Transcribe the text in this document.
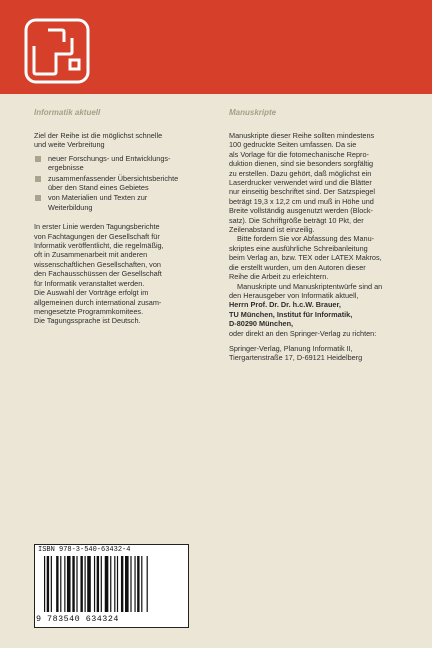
Informatik aktuell

Ziel der Reihe ist die möglichst schnelle

und weite Verbreitung

neuer Forschungs- und Entwicklungs-
ergebnisse
zusammenfassender Übersichtsberichte
über den Stand eines Gebietes
von Materialien und Texten zur
Weiterbildung

In erster Linie werden Tagungsberichte

von Fachtagungen der Gesellschaft für

Informatik veröffentlicht, die regelmäßig,

oft in Zusammenarbeit mit anderen

wissenschaftlichen Gesellschaften, von

den Fachausschüssen der Gesellschaft

für Informatik veranstaltet werden.

Die Auswahl der Vorträge erfolgt im

allgemeinen durch international zusam-

mengesetzte Programmkomitees.

Die Tagungssprache ist Deutsch.

Manuskripte

Manuskripte dieser Reihe sollten mindestens

100 gedruckte Seiten umfassen. Da sie

als Vorlage für die fotomechanische Repro-

duktion dienen, sind sie besonders sorgfältig

zu erstellen. Dazu gehört, daß möglichst ein

Laserdrucker verwendet wird und die Blätter

nur einseitig beschriftet sind. Der Satzspiegel

beträgt 19,3 x 12,2 cm und muß in Höhe und

Breite vollständig ausgenutzt werden (Block-

satz). Die Schriftgröße beträgt 10 Pkt, der

Zeilenabstand ist einzeilig.

Bitte fordern Sie vor Abfassung des Manu-

skriptes eine ausführliche Schreibanleitung

beim Verlag an, bzw. TEX oder LATEX Makros,

die erstellt wurden, um den Autoren dieser

Reihe die Arbeit zu erleichtern.

Manuskripte und Manuskriptentwürfe sind an

den Herausgeber von Informatik aktuell,

Herrn Prof. Dr. Dr. h.c.W. Brauer,

TU München, Institut für Informatik,

D-80290 München,

oder direkt an den Springer-Verlag zu richten:

Springer-Verlag, Planung Informatik II,

Tiergartenstraße 17, D-69121 Heidelberg

ISBN 978-3-540-63432-4
9 783540 634324
